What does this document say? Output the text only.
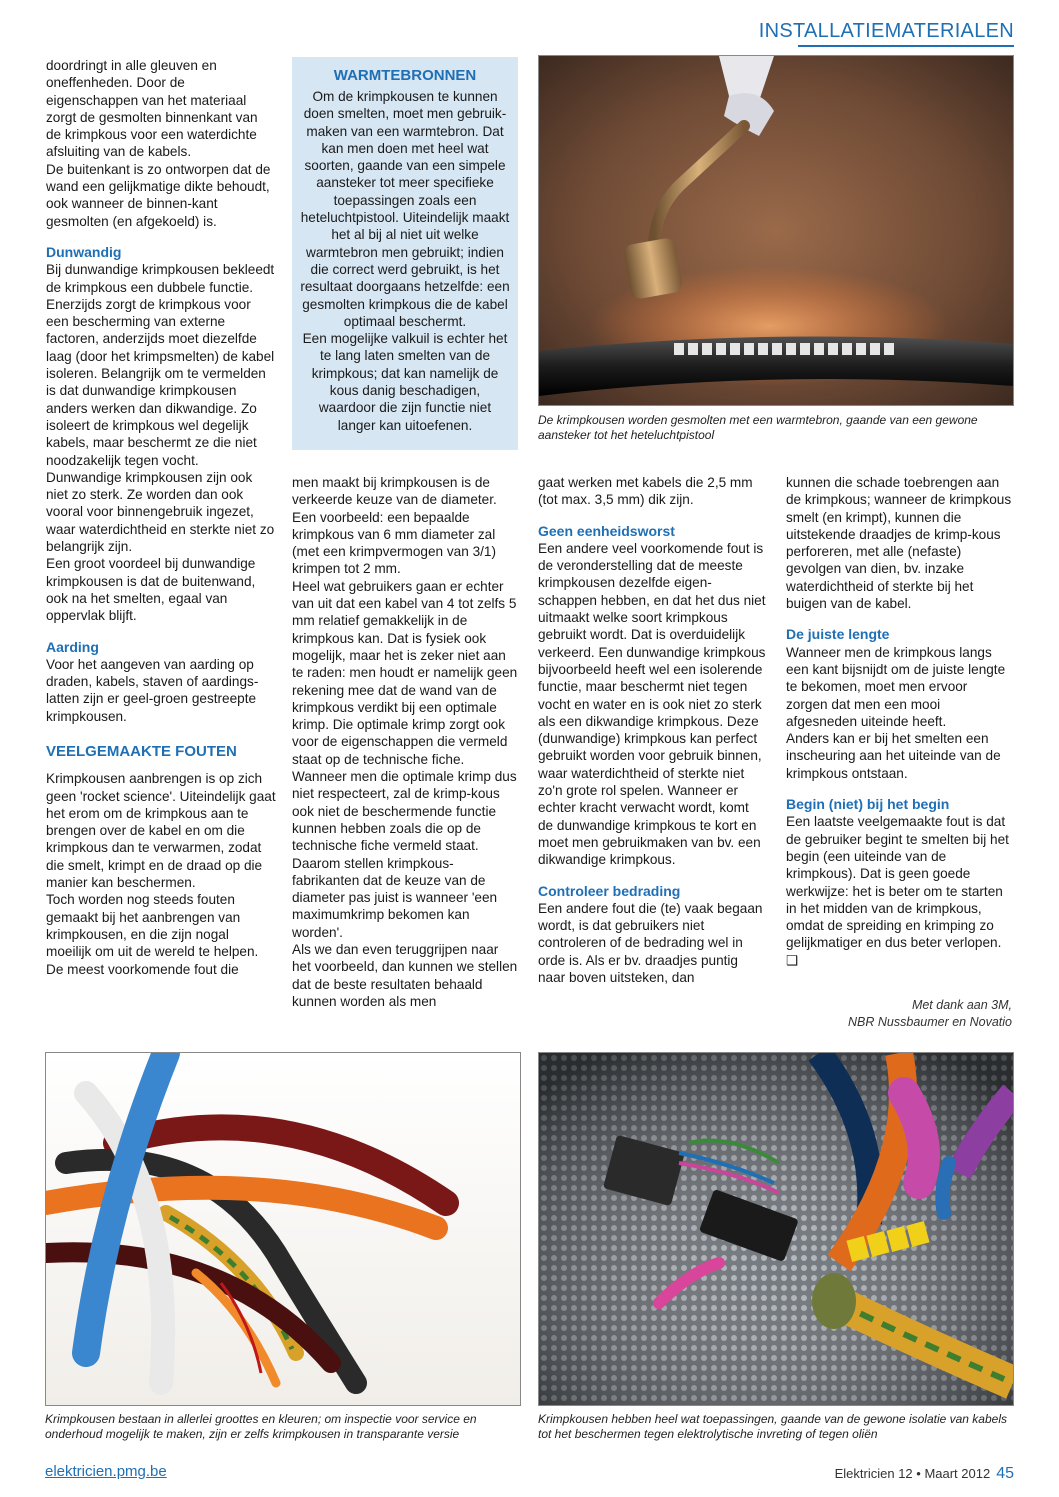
INSTALLATIEMATERIALEN

doordringt in alle gleuven en oneffenheden. Door de eigenschappen van het materiaal zorgt de gesmolten binnenkant van de krimpkous voor een waterdichte afsluiting van de kabels.

De buitenkant is zo ontworpen dat de wand een gelijkmatige dikte behoudt, ook wanneer de binnen-kant gesmolten (en afgekoeld) is.

Dunwandig

Bij dunwandige krimpkousen bekleedt de krimpkous een dubbele functie. Enerzijds zorgt de krimpkous voor een bescherming van externe factoren, anderzijds moet diezelfde laag (door het krimpsmelten) de kabel isoleren. Belangrijk om te vermelden is dat dunwandige krimpkousen anders werken dan dikwandige. Zo isoleert de krimpkous wel degelijk kabels, maar beschermt ze die niet noodzakelijk tegen vocht. Dunwandige krimpkousen zijn ook niet zo sterk. Ze worden dan ook vooral voor binnengebruik ingezet, waar waterdichtheid en sterkte niet zo belangrijk zijn.

Een groot voordeel bij dunwandige krimpkousen is dat de buitenwand, ook na het smelten, egaal van oppervlak blijft.

Aarding

Voor het aangeven van aarding op draden, kabels, staven of aardings-latten zijn er geel-groen gestreepte krimpkousen.

VEELGEMAAKTE FOUTEN

Krimpkousen aanbrengen is op zich geen 'rocket science'. Uiteindelijk gaat het erom om de krimpkous aan te brengen over de kabel en om die krimpkous dan te verwarmen, zodat die smelt, krimpt en de draad op die manier kan beschermen.

Toch worden nog steeds fouten gemaakt bij het aanbrengen van krimpkousen, en die zijn nogal moeilijk om uit de wereld te helpen. De meest voorkomende fout die

WARMTEBRONNEN

Om de krimpkousen te kunnen doen smelten, moet men gebruik-maken van een warmtebron. Dat kan men doen met heel wat soorten, gaande van een simpele aansteker tot meer specifieke toepassingen zoals een heteluchtpistool. Uiteindelijk maakt het al bij al niet uit welke warmtebron men gebruikt; indien die correct werd gebruikt, is het resultaat doorgaans hetzelfde: een gesmolten krimpkous die de kabel optimaal beschermt.

Een mogelijke valkuil is echter het te lang laten smelten van de krimpkous; dat kan namelijk de kous danig beschadigen, waardoor die zijn functie niet langer kan uitoefenen.	De krimpkousen worden gesmolten met een warmtebron, gaande van een gewone aansteker tot het heteluchtpistool

men maakt bij krimpkousen is de verkeerde keuze van de diameter. Een voorbeeld: een bepaalde krimpkous van 6 mm diameter zal (met een krimpvermogen van 3/1) krimpen tot 2 mm.

Heel wat gebruikers gaan er echter van uit dat een kabel van 4 tot zelfs 5 mm relatief gemakkelijk in de krimpkous kan. Dat is fysiek ook mogelijk, maar het is zeker niet aan te raden: men houdt er namelijk geen rekening mee dat de wand van de krimpkous verdikt bij een optimale krimp. Die optimale krimp zorgt ook voor de eigenschappen die vermeld staat op de technische fiche.

Wanneer men die optimale krimp dus niet respecteert, zal de krimp-kous ook niet de beschermende functie kunnen hebben zoals die op de technische fiche vermeld staat. Daarom stellen krimpkous-fabrikanten dat de keuze van de diameter pas juist is wanneer 'een maximumkrimp bekomen kan worden'.

Als we dan even teruggrijpen naar het voorbeeld, dan kunnen we stellen dat de beste resultaten behaald kunnen worden als men

gaat werken met kabels die 2,5 mm (tot max. 3,5 mm) dik zijn.

Geen eenheidsworst

Een andere veel voorkomende fout is de veronderstelling dat de meeste krimpkousen dezelfde eigen-schappen hebben, en dat het dus niet uitmaakt welke soort krimpkous gebruikt wordt. Dat is overduidelijk verkeerd. Een dunwandige krimpkous bijvoorbeeld heeft wel een isolerende functie, maar beschermt niet tegen vocht en water en is ook niet zo sterk als een dikwandige krimpkous. Deze (dunwandige) krimpkous kan perfect gebruikt worden voor gebruik binnen, waar waterdichtheid of sterkte niet zo'n grote rol spelen. Wanneer er echter kracht verwacht wordt, komt de dunwandige krimpkous te kort en moet men gebruikmaken van bv. een dikwandige krimpkous.

Controleer bedrading

Een andere fout die (te) vaak begaan wordt, is dat gebruikers niet controleren of de bedrading wel in orde is. Als er bv. draadjes puntig naar boven uitsteken, dan

kunnen die schade toebrengen aan de krimpkous; wanneer de krimpkous smelt (en krimpt), kunnen die uitstekende draadjes de krimp-kous perforeren, met alle (nefaste) gevolgen van dien, bv. inzake waterdichtheid of sterkte bij het buigen van de kabel.

De juiste lengte

Wanneer men de krimpkous langs een kant bijsnijdt om de juiste lengte te bekomen, moet men ervoor zorgen dat men een mooi afgesneden uiteinde heeft.

Anders kan er bij het smelten een inscheuring aan het uiteinde van de krimpkous ontstaan.

Begin (niet) bij het begin

Een laatste veelgemaakte fout is dat de gebruiker begint te smelten bij het begin (een uiteinde van de krimpkous). Dat is geen goede werkwijze: het is beter om te starten in het midden van de krimpkous, omdat de spreiding en krimping zo gelijkmatiger en dus beter verlopen. ❑

Met dank aan 3M,
NBR Nussbaumer en Novatio
Krimpkousen bestaan in allerlei groottes en kleuren; om inspectie voor service en onderhoud mogelijk te maken, zijn er zelfs krimpkousen in transparante versie
Krimpkousen hebben heel wat toepassingen, gaande van de gewone isolatie van kabels tot het beschermen tegen elektrolytische invreting of tegen oliën
elektricien.pmg.be	Elektricien 12 • Maart 2012 45
